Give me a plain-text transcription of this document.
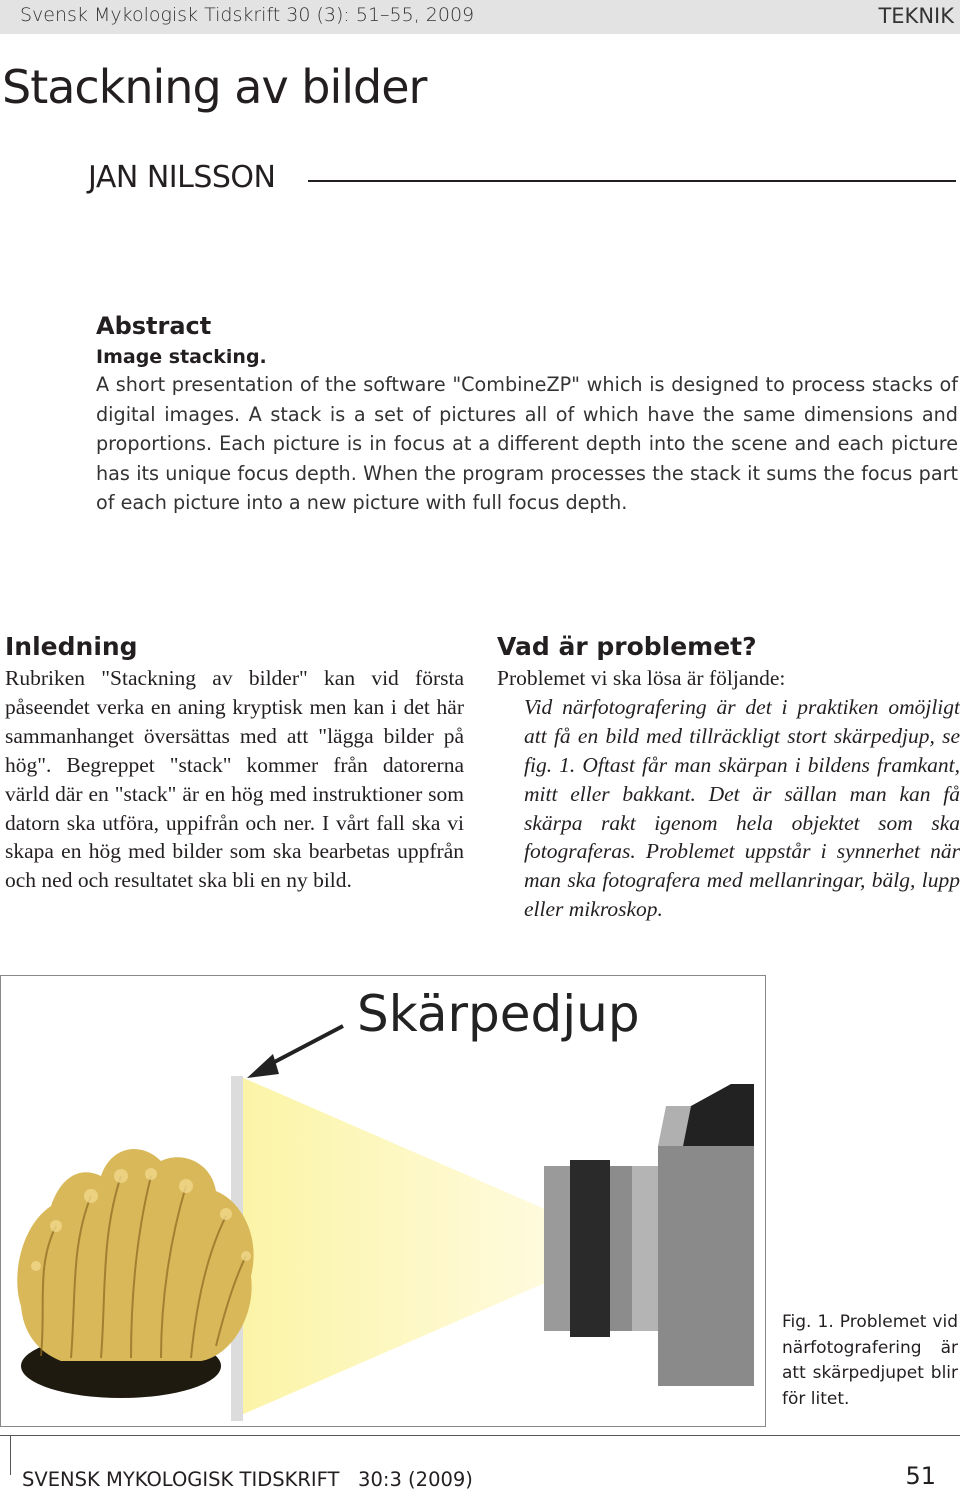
Svensk Mykologisk Tidskrift 30 (3): 51–55, 2009	TEKNIK
Stackning av bilder
JAN NILSSON
Abstract
Image stacking.

A short presentation of the software "CombineZP" which is designed to process stacks of digital images. A stack is a set of pictures all of which have the same dimensions and proportions. Each picture is in focus at a different depth into the scene and each picture has its unique focus depth. When the program processes the stack it sums the focus part of each picture into a new picture with full focus depth.

Inledning

Rubriken "Stackning av bilder" kan vid första påseendet verka en aning kryptisk men kan i det här sammanhanget översättas med att "lägga bilder på hög". Begreppet "stack" kommer från datorerna värld där en "stack" är en hög med instruktioner som datorn ska utföra, uppifrån och ner. I vårt fall ska vi skapa en hög med bilder som ska bearbetas uppfrån och ned och resultatet ska bli en ny bild.

Vad är problemet?

Problemet vi ska lösa är följande:

Vid närfotografering är det i praktiken omöjligt att få en bild med tillräckligt stort skärpedjup, se fig. 1. Oftast får man skärpan i bildens framkant, mitt eller bakkant. Det är sällan man kan få skärpa rakt igenom hela objektet som ska fotograferas. Problemet uppstår i synnerhet när man ska fotografera med mellanringar, bälg, lupp eller mikroskop.

Skärpedjup
Fig. 1. Problemet vid närfotografering är att skärpedjupet blir för litet.
SVENSK MYKOLOGISK TIDSKRIFT   30:3 (2009)	51
